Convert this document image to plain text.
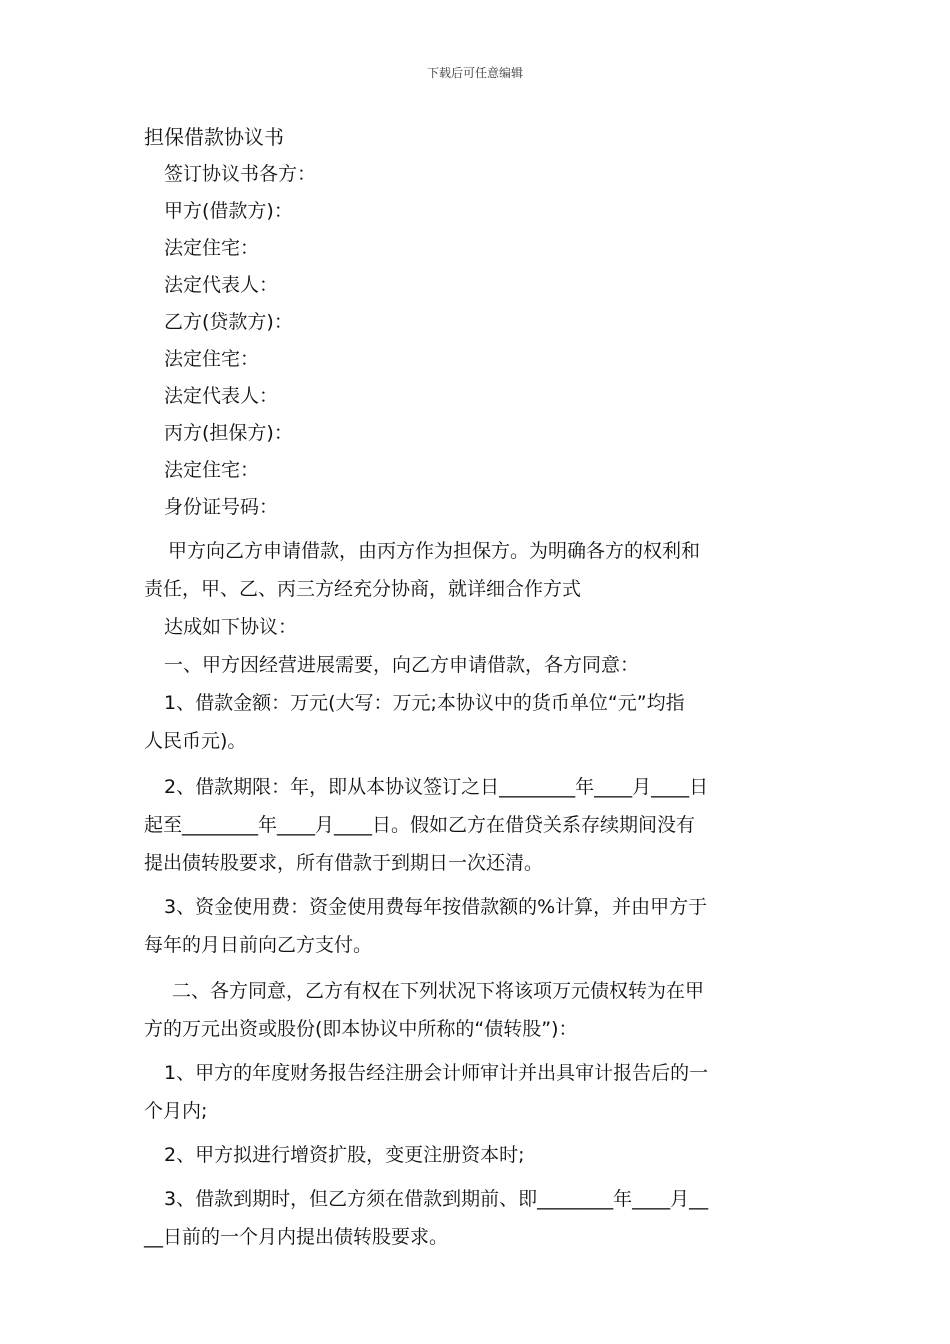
下载后可任意编辑
担保借款协议书
签订协议书各方：
甲方(借款方)：
法定住宅：
法定代表人：
乙方(贷款方)：
法定住宅：
法定代表人：
丙方(担保方)：
法定住宅：
身份证号码：
甲方向乙方申请借款，由丙方作为担保方。为明确各方的权利和
责任，甲、乙、丙三方经充分协商，就详细合作方式
达成如下协议：
一、甲方因经营进展需要，向乙方申请借款，各方同意：
1、借款金额：万元(大写：万元;本协议中的货币单位“元”均指
人民币元)。
2、借款期限：年，即从本协议签订之日________年____月____日
起至________年____月____日。假如乙方在借贷关系存续期间没有
提出债转股要求，所有借款于到期日一次还清。
3、资金使用费：资金使用费每年按借款额的%计算，并由甲方于
每年的月日前向乙方支付。
二、各方同意，乙方有权在下列状况下将该项万元债权转为在甲
方的万元出资或股份(即本协议中所称的“债转股”)：
1、甲方的年度财务报告经注册会计师审计并出具审计报告后的一
个月内;
2、甲方拟进行增资扩股，变更注册资本时;
3、借款到期时，但乙方须在借款到期前、即________年____月__
__日前的一个月内提出债转股要求。
